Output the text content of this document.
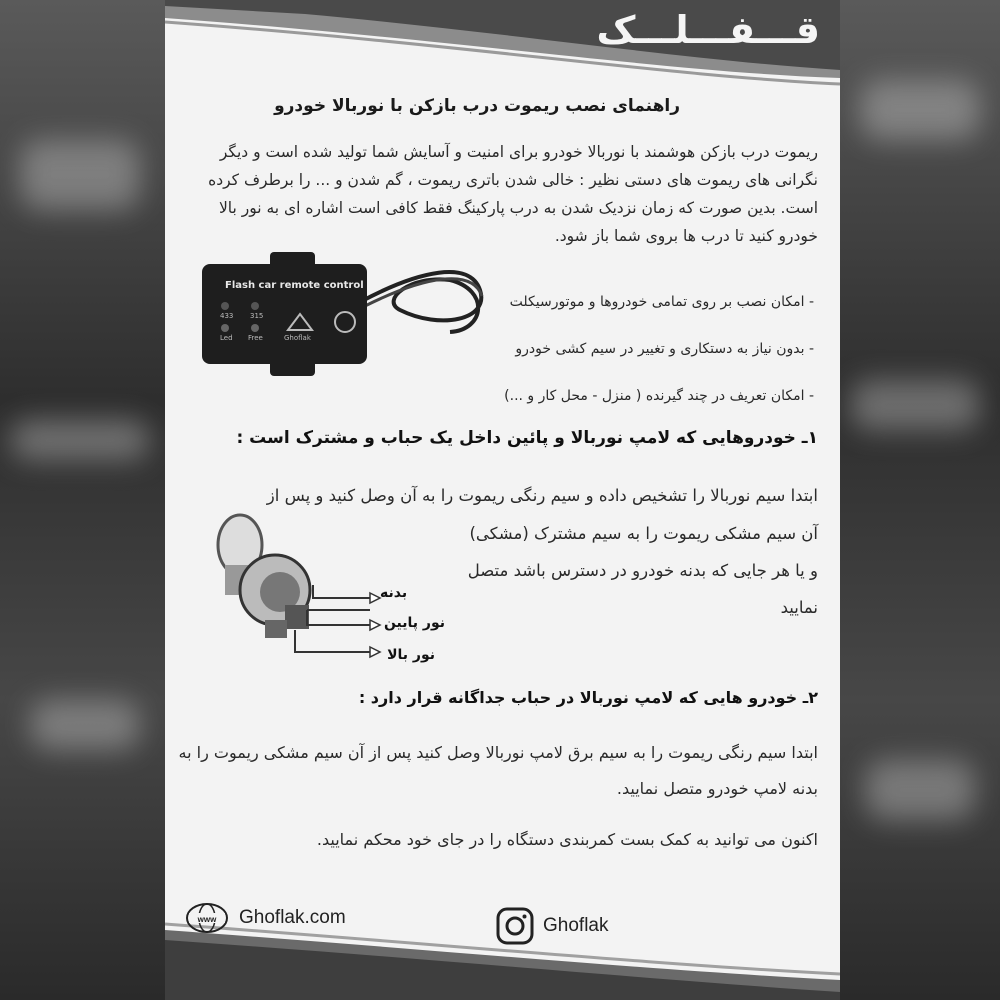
قـــفـــلـــک
راهنمای نصب ریموت درب بازکن با نوربالا خودرو

ریموت درب بازکن هوشمند با نوربالا خودرو برای امنیت و آسایش شما تولید شده است و دیگر نگرانی های ریموت های دستی نظیر : خالی شدن باتری ریموت ، گم شدن و ... را برطرف کرده است. بدین صورت که زمان نزدیک شدن به درب پارکینگ فقط کافی است اشاره ای به نور بالا خودرو کنید تا درب ها بروی شما باز شود.

Flash car remote control
433 315
Led Free	Ghoflak
- امکان نصب بر روی تمامی خودروها و موتورسیکلت
- بدون نیاز به دستکاری و تغییر در سیم کشی خودرو
- امکان تعریف در چند گیرنده ( منزل - محل کار و ...)
۱ـ خودروهایی که لامپ نوربالا و پائین داخل یک حباب و مشترک است :

ابتدا سیم نوربالا را تشخیص داده و سیم رنگی ریموت را به آن وصل کنید و پس از

آن سیم مشکی ریموت را به سیم مشترک (مشکی) و یا هر جایی که بدنه خودرو در دسترس باشد متصل نمایید

بدنه
نور پایین
نور بالا
۲ـ خودرو هایی که لامپ نوربالا در حباب جداگانه قرار دارد :

ابتدا سیم رنگی ریموت را به سیم برق لامپ نوربالا وصل کنید پس از آن سیم مشکی ریموت را به بدنه لامپ خودرو متصل نمایید.

اکنون می توانید به کمک بست کمربندی دستگاه را در جای خود محکم نمایید.

www Ghoflak.com	Ghoflak
